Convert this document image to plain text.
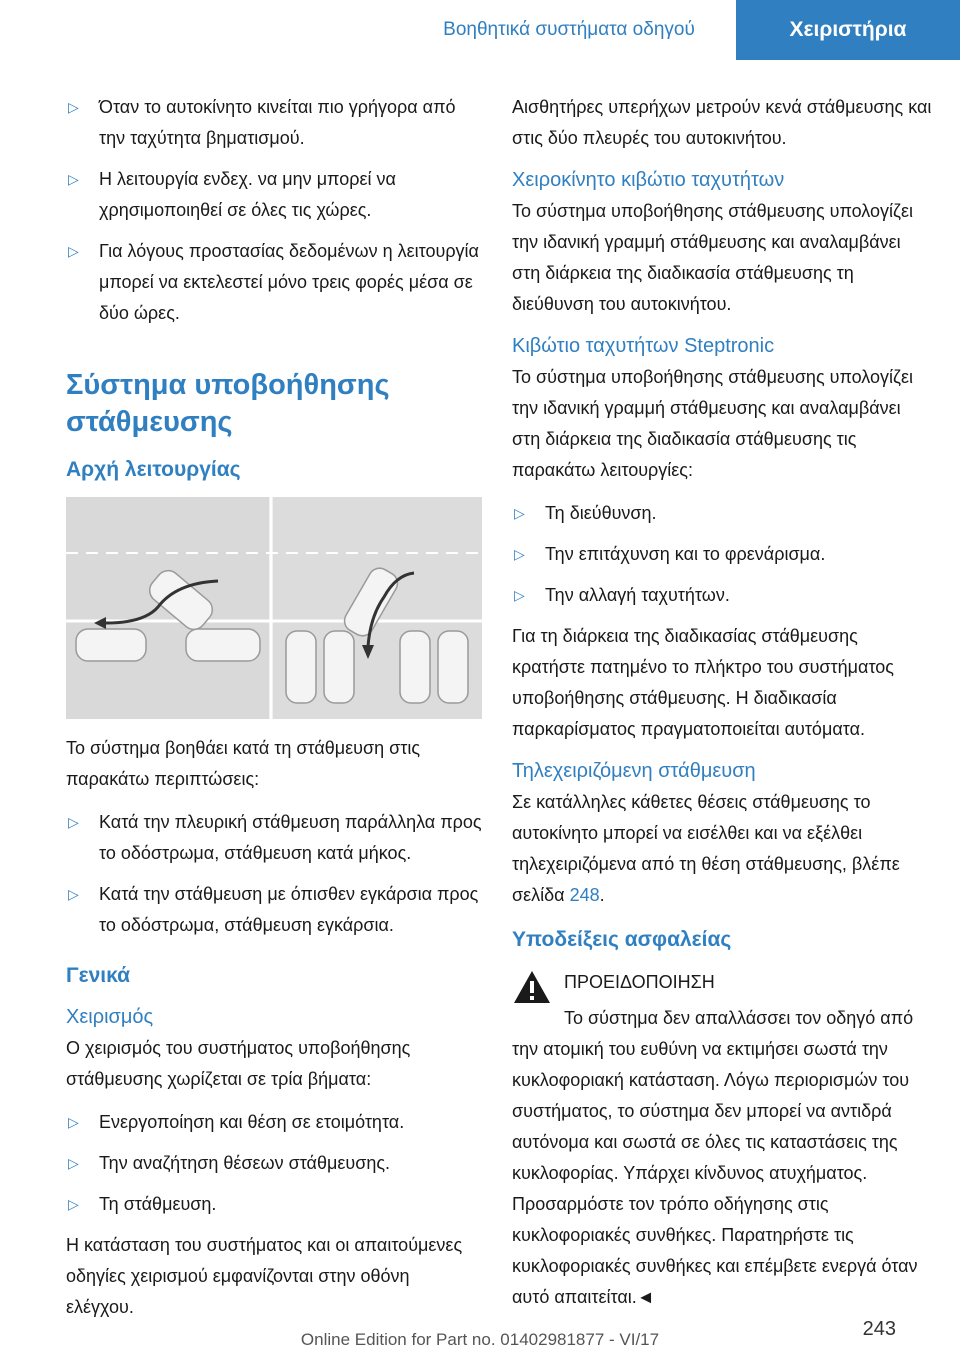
Βοηθητικά συστήματα οδηγού	Χειριστήρια
▷ Όταν το αυτοκίνητο κινείται πιο γρήγορα από την ταχύτητα βηματισμού.
▷ Η λειτουργία ενδεχ. να μην μπορεί να χρησιμοποιηθεί σε όλες τις χώρες.
▷ Για λόγους προστασίας δεδομένων η λειτουργία μπορεί να εκτελεστεί μόνο τρεις φορές μέσα σε δύο ώρες.
Σύστημα υποβοήθησης στάθμευσης
Αρχή λειτουργίας

Το σύστημα βοηθάει κατά τη στάθμευση στις παρακάτω περιπτώσεις:

▷ Κατά την πλευρική στάθμευση παράλληλα προς το οδόστρωμα, στάθμευση κατά μήκος.
▷ Κατά την στάθμευση με όπισθεν εγκάρσια προς το οδόστρωμα, στάθμευση εγκάρσια.
Γενικά
Χειρισμός

Ο χειρισμός του συστήματος υποβοήθησης στάθμευσης χωρίζεται σε τρία βήματα:

▷ Ενεργοποίηση και θέση σε ετοιμότητα.
▷ Την αναζήτηση θέσεων στάθμευσης.
▷ Τη στάθμευση.

Η κατάσταση του συστήματος και οι απαιτούμενες οδηγίες χειρισμού εμφανίζονται στην οθόνη ελέγχου.

Αισθητήρες υπερήχων μετρούν κενά στάθμευσης και στις δύο πλευρές του αυτοκινήτου.

Χειροκίνητο κιβώτιο ταχυτήτων

Το σύστημα υποβοήθησης στάθμευσης υπολογίζει την ιδανική γραμμή στάθμευσης και αναλαμβάνει στη διάρκεια της διαδικασία στάθμευσης τη διεύθυνση του αυτοκινήτου.

Κιβώτιο ταχυτήτων Steptronic

Το σύστημα υποβοήθησης στάθμευσης υπολογίζει την ιδανική γραμμή στάθμευσης και αναλαμβάνει στη διάρκεια της διαδικασία στάθμευσης τις παρακάτω λειτουργίες:

▷ Τη διεύθυνση.
▷ Την επιτάχυνση και το φρενάρισμα.
▷ Την αλλαγή ταχυτήτων.

Για τη διάρκεια της διαδικασίας στάθμευσης κρατήστε πατημένο το πλήκτρο του συστήματος υποβοήθησης στάθμευσης. Η διαδικασία παρκαρίσματος πραγματοποιείται αυτόματα.

Τηλεχειριζόμενη στάθμευση

Σε κατάλληλες κάθετες θέσεις στάθμευσης το αυτοκίνητο μπορεί να εισέλθει και να εξέλθει τηλεχειριζόμενα από τη θέση στάθμευσης, βλέπε σελίδα 248.

Υποδείξεις ασφαλείας

ΠΡΟΕΙΔΟΠΟΙΗΣΗ

Το σύστημα δεν απαλλάσσει τον οδηγό από την ατομική του ευθύνη να εκτιμήσει σωστά την κυκλοφοριακή κατάσταση. Λόγω περιορισμών του συστήματος, το σύστημα δεν μπορεί να αντιδρά αυτόνομα και σωστά σε όλες τις καταστάσεις της κυκλοφορίας. Υπάρχει κίνδυνος ατυχήματος. Προσαρμόστε τον τρόπο οδήγησης στις κυκλοφοριακές συνθήκες. Παρατηρήστε τις κυκλοφοριακές συνθήκες και επέμβετε ενεργά όταν αυτό απαιτείται.◄

243
Online Edition for Part no. 01402981877 - VI/17
